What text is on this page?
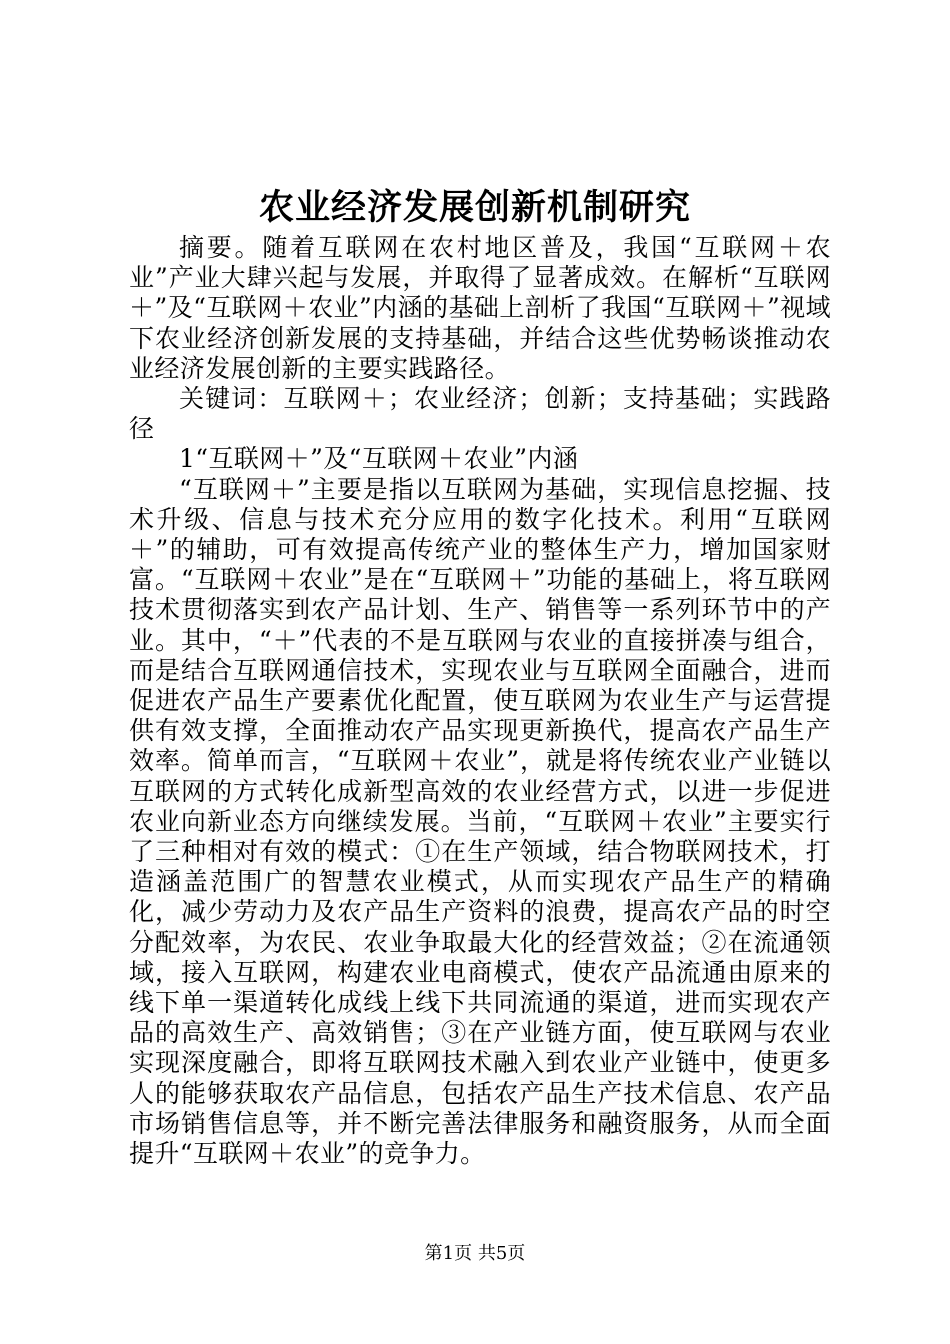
农业经济发展创新机制研究

摘要。随着互联网在农村地区普及，我国“互联网＋农业”产业大肆兴起与发展，并取得了显著成效。在解析“互联网＋”及“互联网＋农业”内涵的基础上剖析了我国“互联网＋”视域下农业经济创新发展的支持基础，并结合这些优势畅谈推动农业经济发展创新的主要实践路径。

关键词：互联网＋；农业经济；创新；支持基础；实践路径

1“互联网＋”及“互联网＋农业”内涵

“互联网＋”主要是指以互联网为基础，实现信息挖掘、技术升级、信息与技术充分应用的数字化技术。利用“互联网＋”的辅助，可有效提高传统产业的整体生产力，增加国家财富。“互联网＋农业”是在“互联网＋”功能的基础上，将互联网技术贯彻落实到农产品计划、生产、销售等一系列环节中的产业。其中，“＋”代表的不是互联网与农业的直接拼凑与组合，而是结合互联网通信技术，实现农业与互联网全面融合，进而促进农产品生产要素优化配置，使互联网为农业生产与运营提供有效支撑，全面推动农产品实现更新换代，提高农产品生产效率。简单而言，“互联网＋农业”，就是将传统农业产业链以互联网的方式转化成新型高效的农业经营方式，以进一步促进农业向新业态方向继续发展。当前，“互联网＋农业”主要实行了三种相对有效的模式：①在生产领域，结合物联网技术，打造涵盖范围广的智慧农业模式，从而实现农产品生产的精确化，减少劳动力及农产品生产资料的浪费，提高农产品的时空分配效率，为农民、农业争取最大化的经营效益；②在流通领域，接入互联网，构建农业电商模式，使农产品流通由原来的线下单一渠道转化成线上线下共同流通的渠道，进而实现农产品的高效生产、高效销售；③在产业链方面，使互联网与农业实现深度融合，即将互联网技术融入到农业产业链中，使更多人的能够获取农产品信息，包括农产品生产技术信息、农产品市场销售信息等，并不断完善法律服务和融资服务，从而全面提升“互联网＋农业”的竞争力。

第1页 共5页
